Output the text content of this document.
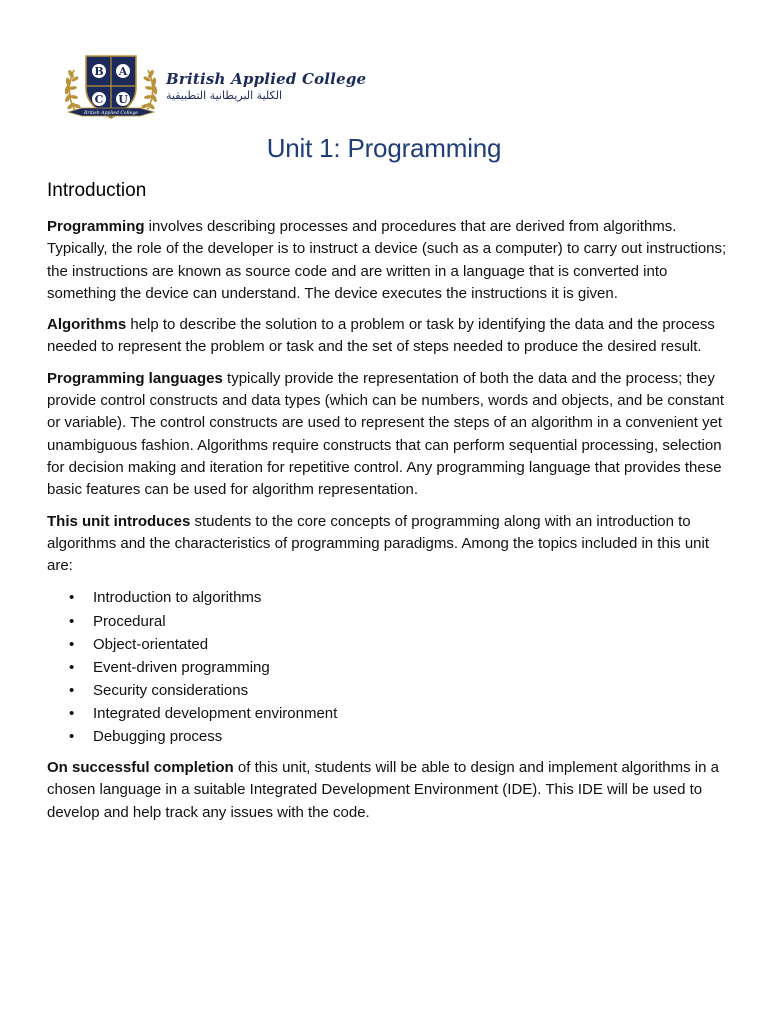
B A
C U
British Applied College
British Applied College
الكلية البريطانية التطبيقية
Unit 1: Programming
Introduction

Programming involves describing processes and procedures that are derived from algorithms. Typically, the role of the developer is to instruct a device (such as a computer) to carry out instructions; the instructions are known as source code and are written in a language that is converted into something the device can understand. The device executes the instructions it is given.

Algorithms help to describe the solution to a problem or task by identifying the data and the process needed to represent the problem or task and the set of steps needed to produce the desired result.

Programming languages typically provide the representation of both the data and the process; they provide control constructs and data types (which can be numbers, words and objects, and be constant or variable). The control constructs are used to represent the steps of an algorithm in a convenient yet unambiguous fashion. Algorithms require constructs that can perform sequential processing, selection for decision making and iteration for repetitive control. Any programming language that provides these basic features can be used for algorithm representation.

This unit introduces students to the core concepts of programming along with an introduction to algorithms and the characteristics of programming paradigms. Among the topics included in this unit are:

• Introduction to algorithms
• Procedural
• Object-orientated
• Event-driven programming
• Security considerations
• Integrated development environment
• Debugging process

On successful completion of this unit, students will be able to design and implement algorithms in a chosen language in a suitable Integrated Development Environment (IDE). This IDE will be used to develop and help track any issues with the code.
